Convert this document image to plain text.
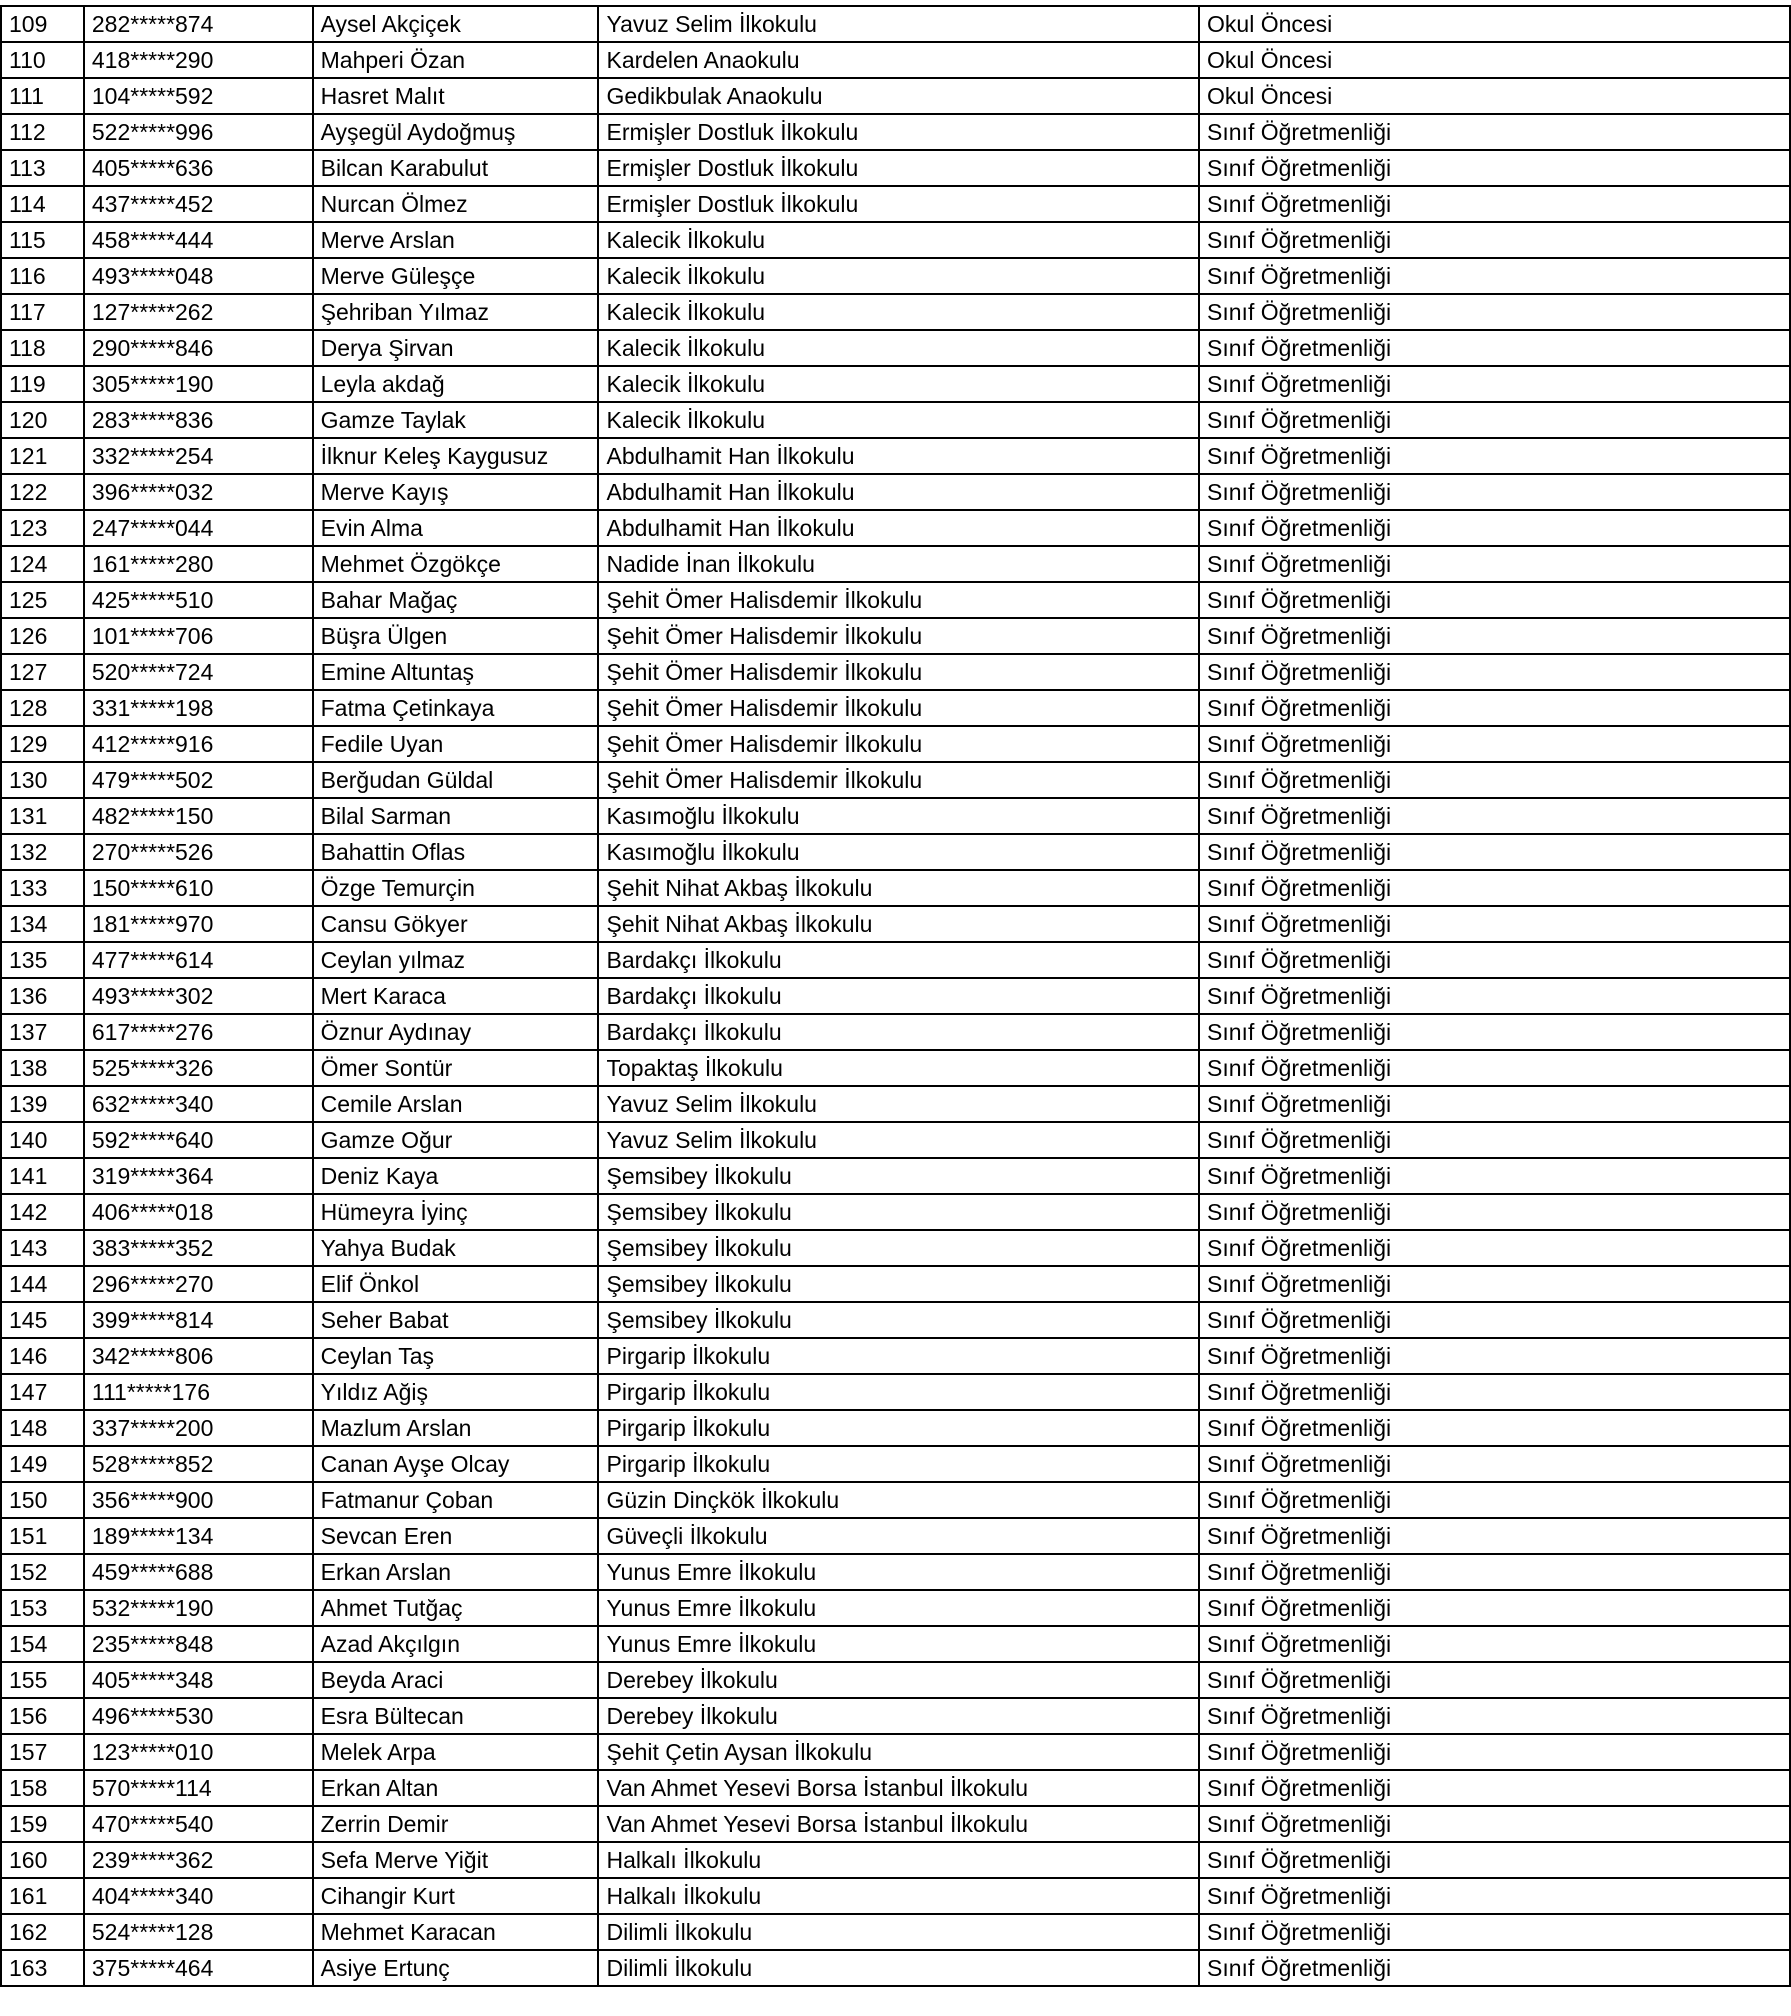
109	282*****874	Aysel Akçiçek	Yavuz Selim İlkokulu	Okul Öncesi
110	418*****290	Mahperi Özan	Kardelen Anaokulu	Okul Öncesi
111	104*****592	Hasret Malıt	Gedikbulak Anaokulu	Okul Öncesi
112	522*****996	Ayşegül Aydoğmuş	Ermişler Dostluk İlkokulu	Sınıf Öğretmenliği
113	405*****636	Bilcan Karabulut	Ermişler Dostluk İlkokulu	Sınıf Öğretmenliği
114	437*****452	Nurcan Ölmez	Ermişler Dostluk İlkokulu	Sınıf Öğretmenliği
115	458*****444	Merve Arslan	Kalecik İlkokulu	Sınıf Öğretmenliği
116	493*****048	Merve Güleşçe	Kalecik İlkokulu	Sınıf Öğretmenliği
117	127*****262	Şehriban Yılmaz	Kalecik İlkokulu	Sınıf Öğretmenliği
118	290*****846	Derya Şirvan	Kalecik İlkokulu	Sınıf Öğretmenliği
119	305*****190	Leyla akdağ	Kalecik İlkokulu	Sınıf Öğretmenliği
120	283*****836	Gamze Taylak	Kalecik İlkokulu	Sınıf Öğretmenliği
121	332*****254	İlknur Keleş Kaygusuz	Abdulhamit Han İlkokulu	Sınıf Öğretmenliği
122	396*****032	Merve Kayış	Abdulhamit Han İlkokulu	Sınıf Öğretmenliği
123	247*****044	Evin Alma	Abdulhamit Han İlkokulu	Sınıf Öğretmenliği
124	161*****280	Mehmet Özgökçe	Nadide İnan İlkokulu	Sınıf Öğretmenliği
125	425*****510	Bahar Mağaç	Şehit Ömer Halisdemir İlkokulu	Sınıf Öğretmenliği
126	101*****706	Büşra Ülgen	Şehit Ömer Halisdemir İlkokulu	Sınıf Öğretmenliği
127	520*****724	Emine Altuntaş	Şehit Ömer Halisdemir İlkokulu	Sınıf Öğretmenliği
128	331*****198	Fatma Çetinkaya	Şehit Ömer Halisdemir İlkokulu	Sınıf Öğretmenliği
129	412*****916	Fedile Uyan	Şehit Ömer Halisdemir İlkokulu	Sınıf Öğretmenliği
130	479*****502	Berğudan Güldal	Şehit Ömer Halisdemir İlkokulu	Sınıf Öğretmenliği
131	482*****150	Bilal Sarman	Kasımoğlu İlkokulu	Sınıf Öğretmenliği
132	270*****526	Bahattin Oflas	Kasımoğlu İlkokulu	Sınıf Öğretmenliği
133	150*****610	Özge Temurçin	Şehit Nihat Akbaş İlkokulu	Sınıf Öğretmenliği
134	181*****970	Cansu Gökyer	Şehit Nihat Akbaş İlkokulu	Sınıf Öğretmenliği
135	477*****614	Ceylan yılmaz	Bardakçı İlkokulu	Sınıf Öğretmenliği
136	493*****302	Mert Karaca	Bardakçı İlkokulu	Sınıf Öğretmenliği
137	617*****276	Öznur Aydınay	Bardakçı İlkokulu	Sınıf Öğretmenliği
138	525*****326	Ömer Sontür	Topaktaş İlkokulu	Sınıf Öğretmenliği
139	632*****340	Cemile Arslan	Yavuz Selim İlkokulu	Sınıf Öğretmenliği
140	592*****640	Gamze Oğur	Yavuz Selim İlkokulu	Sınıf Öğretmenliği
141	319*****364	Deniz Kaya	Şemsibey İlkokulu	Sınıf Öğretmenliği
142	406*****018	Hümeyra İyinç	Şemsibey İlkokulu	Sınıf Öğretmenliği
143	383*****352	Yahya Budak	Şemsibey İlkokulu	Sınıf Öğretmenliği
144	296*****270	Elif Önkol	Şemsibey İlkokulu	Sınıf Öğretmenliği
145	399*****814	Seher Babat	Şemsibey İlkokulu	Sınıf Öğretmenliği
146	342*****806	Ceylan Taş	Pirgarip İlkokulu	Sınıf Öğretmenliği
147	111*****176	Yıldız Ağiş	Pirgarip İlkokulu	Sınıf Öğretmenliği
148	337*****200	Mazlum Arslan	Pirgarip İlkokulu	Sınıf Öğretmenliği
149	528*****852	Canan Ayşe Olcay	Pirgarip İlkokulu	Sınıf Öğretmenliği
150	356*****900	Fatmanur Çoban	Güzin Dinçkök İlkokulu	Sınıf Öğretmenliği
151	189*****134	Sevcan Eren	Güveçli İlkokulu	Sınıf Öğretmenliği
152	459*****688	Erkan Arslan	Yunus Emre İlkokulu	Sınıf Öğretmenliği
153	532*****190	Ahmet Tutğaç	Yunus Emre İlkokulu	Sınıf Öğretmenliği
154	235*****848	Azad Akçılgın	Yunus Emre İlkokulu	Sınıf Öğretmenliği
155	405*****348	Beyda Araci	Derebey İlkokulu	Sınıf Öğretmenliği
156	496*****530	Esra Bültecan	Derebey İlkokulu	Sınıf Öğretmenliği
157	123*****010	Melek Arpa	Şehit Çetin Aysan İlkokulu	Sınıf Öğretmenliği
158	570*****114	Erkan Altan	Van Ahmet Yesevi Borsa İstanbul İlkokulu	Sınıf Öğretmenliği
159	470*****540	Zerrin Demir	Van Ahmet Yesevi Borsa İstanbul İlkokulu	Sınıf Öğretmenliği
160	239*****362	Sefa Merve Yiğit	Halkalı İlkokulu	Sınıf Öğretmenliği
161	404*****340	Cihangir Kurt	Halkalı İlkokulu	Sınıf Öğretmenliği
162	524*****128	Mehmet Karacan	Dilimli İlkokulu	Sınıf Öğretmenliği
163	375*****464	Asiye Ertunç	Dilimli İlkokulu	Sınıf Öğretmenliği
